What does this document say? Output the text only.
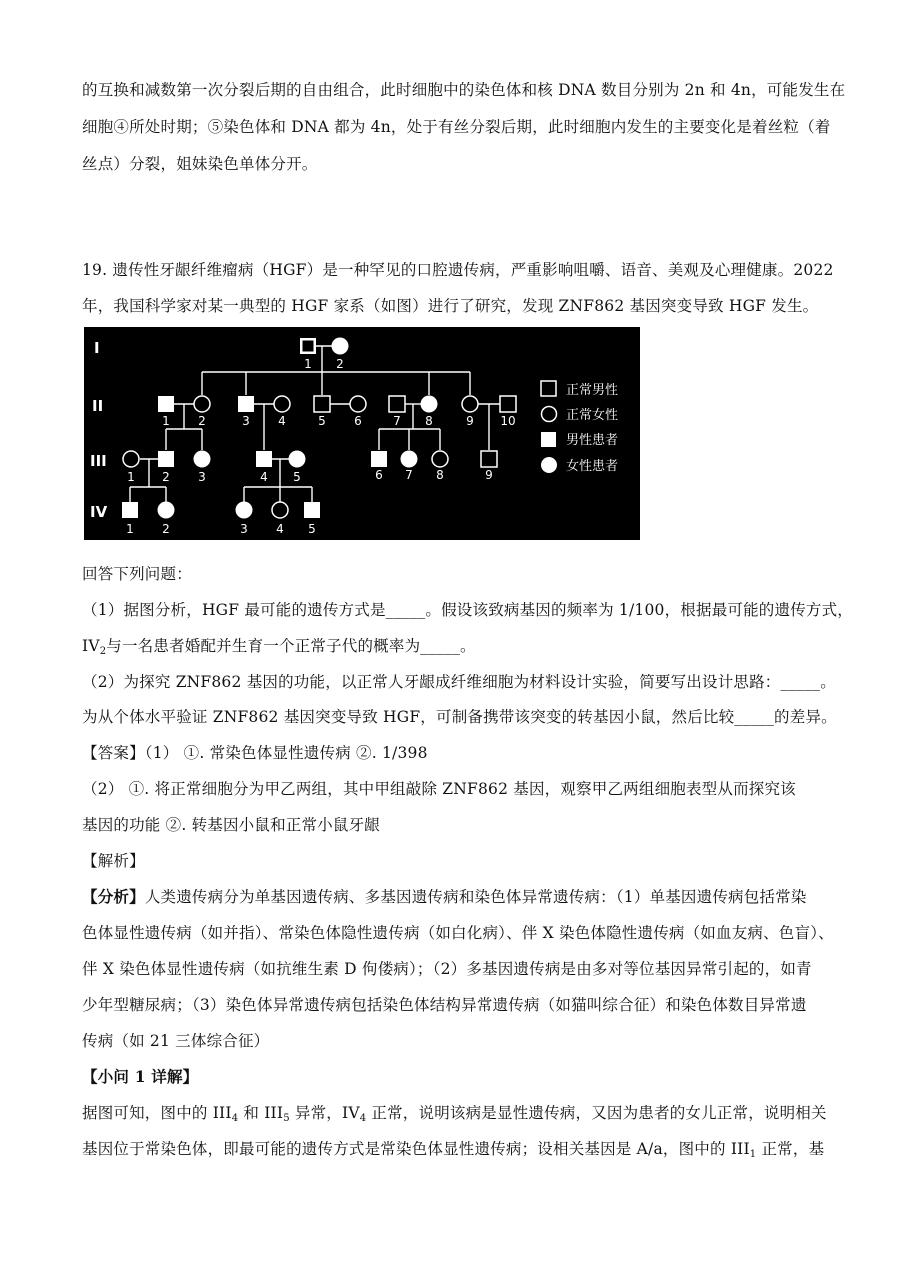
的互换和减数第一次分裂后期的自由组合，此时细胞中的染色体和核 DNA 数目分别为 2n 和 4n，可能发生在
细胞④所处时期；⑤染色体和 DNA 都为 4n，处于有丝分裂后期，此时细胞内发生的主要变化是着丝粒（着
丝点）分裂，姐妹染色单体分开。
19. 遗传性牙龈纤维瘤病（HGF）是一种罕见的口腔遗传病，严重影响咀嚼、语音、美观及心理健康。2022
年，我国科学家对某一典型的 HGF 家系（如图）进行了研究，发现 ZNF862 基因突变导致 HGF 发生。
I
II
III
IV
1 2
1 2	3 4	5 6	7 8	9 10
1 2 3	4 5	6 7 8	9
1 2	3 4 5
正常男性
正常女性
男性患者
女性患者
回答下列问题：
（1）据图分析，HGF 最可能的遗传方式是_____。假设该致病基因的频率为 1/100，根据最可能的遗传方式，
$IV_2$与一名患者婚配并生育一个正常子代的概率为_____。
（2）为探究 ZNF862 基因的功能，以正常人牙龈成纤维细胞为材料设计实验，简要写出设计思路：_____。
为从个体水平验证 ZNF862 基因突变导致 HGF，可制备携带该突变的转基因小鼠，然后比较_____的差异。
【答案】（1） ①. 常染色体显性遗传病 ②. 1/398
（2） ①. 将正常细胞分为甲乙两组，其中甲组敲除 ZNF862 基因，观察甲乙两组细胞表型从而探究该
基因的功能 ②. 转基因小鼠和正常小鼠牙龈
【解析】
【分析】人类遗传病分为单基因遗传病、多基因遗传病和染色体异常遗传病：（1）单基因遗传病包括常染
色体显性遗传病（如并指）、常染色体隐性遗传病（如白化病）、伴 X 染色体隐性遗传病（如血友病、色盲）、
伴 X 染色体显性遗传病（如抗维生素 D 佝偻病）；（2）多基因遗传病是由多对等位基因异常引起的，如青
少年型糖尿病；（3）染色体异常遗传病包括染色体结构异常遗传病（如猫叫综合征）和染色体数目异常遗
传病（如 21 三体综合征）
【小问 1 详解】
据图可知，图中的 $III_4$ 和 $III_5$ 异常，$IV_4$ 正常，说明该病是显性遗传病，又因为患者的女儿正常，说明相关
基因位于常染色体，即最可能的遗传方式是常染色体显性遗传病；设相关基因是 A/a，图中的 $III_1$ 正常，基
